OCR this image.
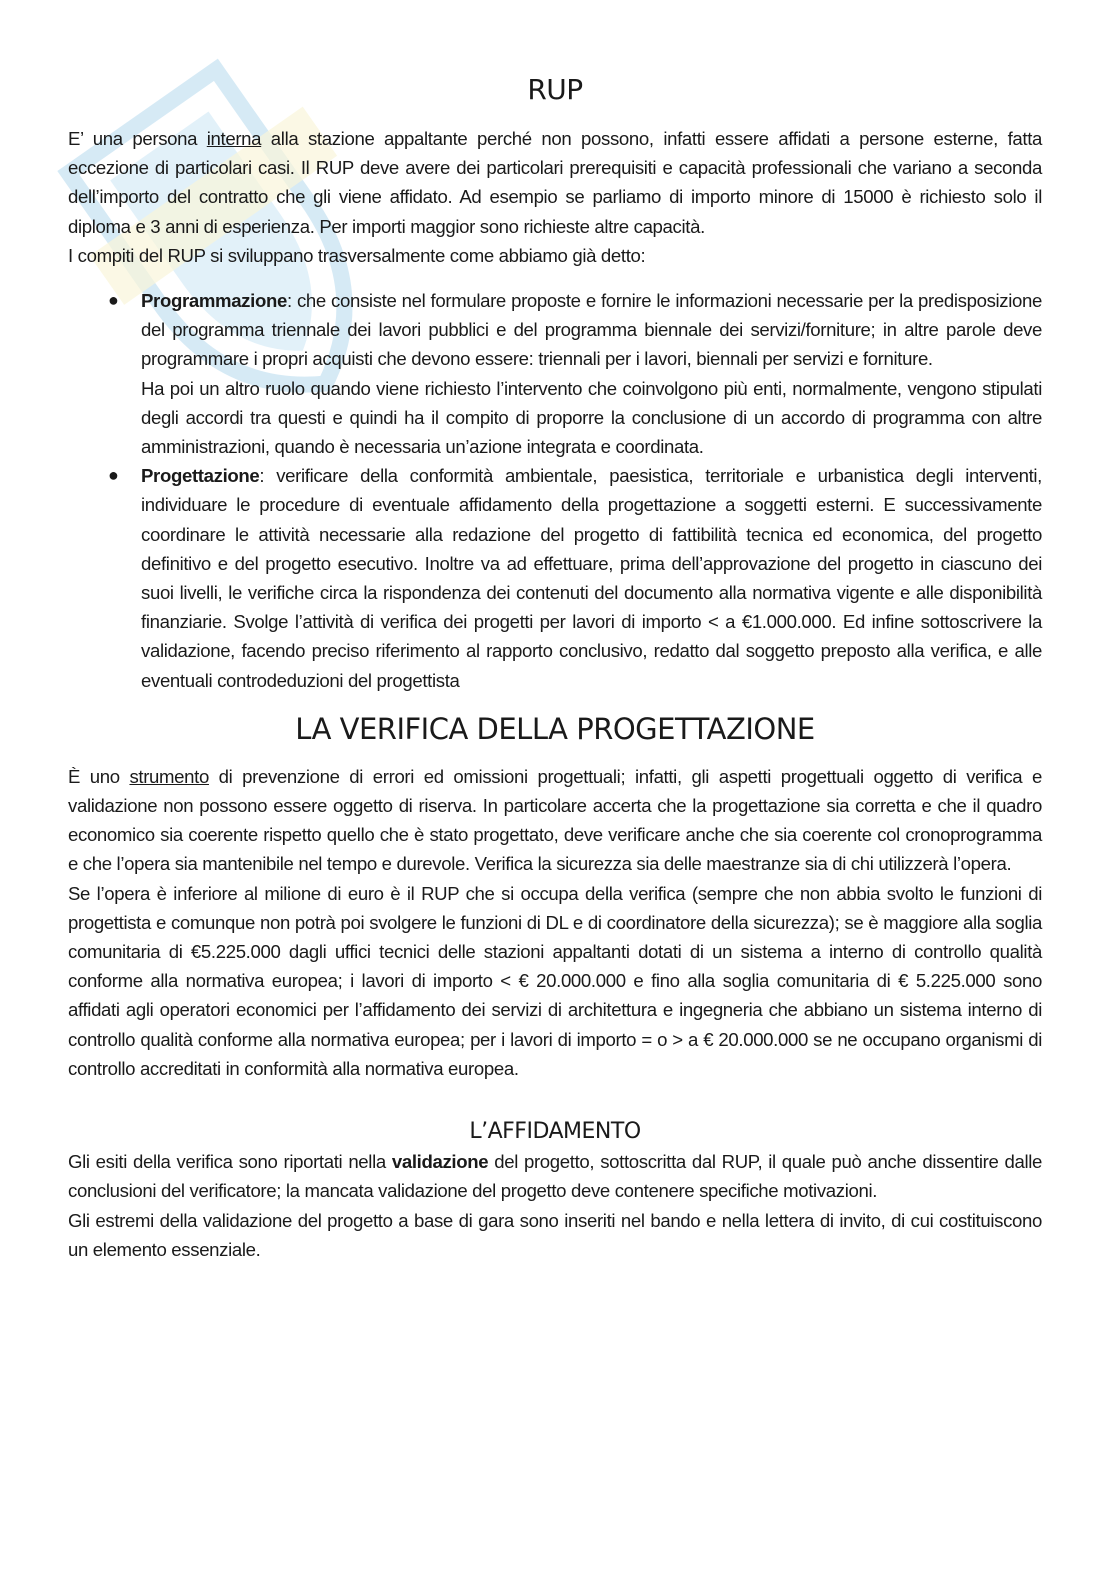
RUP

E’ una persona interna alla stazione appaltante perché non possono, infatti essere affidati a persone esterne, fatta eccezione di particolari casi. Il RUP deve avere dei particolari prerequisiti e capacità professionali che variano a seconda dell’importo del contratto che gli viene affidato. Ad esempio se parliamo di importo minore di 15000 è richiesto solo il diploma e 3 anni di esperienza. Per importi maggior sono richieste altre capacità.

I compiti del RUP si sviluppano trasversalmente come abbiamo già detto:

● Programmazione: che consiste nel formulare proposte e fornire le informazioni necessarie per la predisposizione del programma triennale dei lavori pubblici e del programma biennale dei servizi/forniture; in altre parole deve programmare i propri acquisti che devono essere: triennali per i lavori, biennali per servizi e forniture.

Ha poi un altro ruolo quando viene richiesto l’intervento che coinvolgono più enti, normalmente, vengono stipulati degli accordi tra questi e quindi ha il compito di proporre la conclusione di un accordo di programma con altre amministrazioni, quando è necessaria un’azione integrata e coordinata.

● Progettazione: verificare della conformità ambientale, paesistica, territoriale e urbanistica degli interventi, individuare le procedure di eventuale affidamento della progettazione a soggetti esterni. E successivamente coordinare le attività necessarie alla redazione del progetto di fattibilità tecnica ed economica, del progetto definitivo e del progetto esecutivo. Inoltre va ad effettuare, prima dell’approvazione del progetto in ciascuno dei suoi livelli, le verifiche circa la rispondenza dei contenuti del documento alla normativa vigente e alle disponibilità finanziarie. Svolge l’attività di verifica dei progetti per lavori di importo < a €1.000.000. Ed infine sottoscrivere la validazione, facendo preciso riferimento al rapporto conclusivo, redatto dal soggetto preposto alla verifica, e alle eventuali controdeduzioni del progettista

LA VERIFICA DELLA PROGETTAZIONE

È uno strumento di prevenzione di errori ed omissioni progettuali; infatti, gli aspetti progettuali oggetto di verifica e validazione non possono essere oggetto di riserva. In particolare accerta che la progettazione sia corretta e che il quadro economico sia coerente rispetto quello che è stato progettato, deve verificare anche che sia coerente col cronoprogramma e che l’opera sia mantenibile nel tempo e durevole. Verifica la sicurezza sia delle maestranze sia di chi utilizzerà l’opera.

Se l’opera è inferiore al milione di euro è il RUP che si occupa della verifica (sempre che non abbia svolto le funzioni di progettista e comunque non potrà poi svolgere le funzioni di DL e di coordinatore della sicurezza); se è maggiore alla soglia comunitaria di €5.225.000 dagli uffici tecnici delle stazioni appaltanti dotati di un sistema a interno di controllo qualità conforme alla normativa europea; i lavori di importo < € 20.000.000 e fino alla soglia comunitaria di € 5.225.000 sono affidati agli operatori economici per l’affidamento dei servizi di architettura e ingegneria che abbiano un sistema interno di controllo qualità conforme alla normativa europea; per i lavori di importo = o > a € 20.000.000 se ne occupano organismi di controllo accreditati in conformità alla normativa europea.

L’AFFIDAMENTO

Gli esiti della verifica sono riportati nella validazione del progetto, sottoscritta dal RUP, il quale può anche dissentire dalle conclusioni del verificatore; la mancata validazione del progetto deve contenere specifiche motivazioni.

Gli estremi della validazione del progetto a base di gara sono inseriti nel bando e nella lettera di invito, di cui costituiscono un elemento essenziale.
